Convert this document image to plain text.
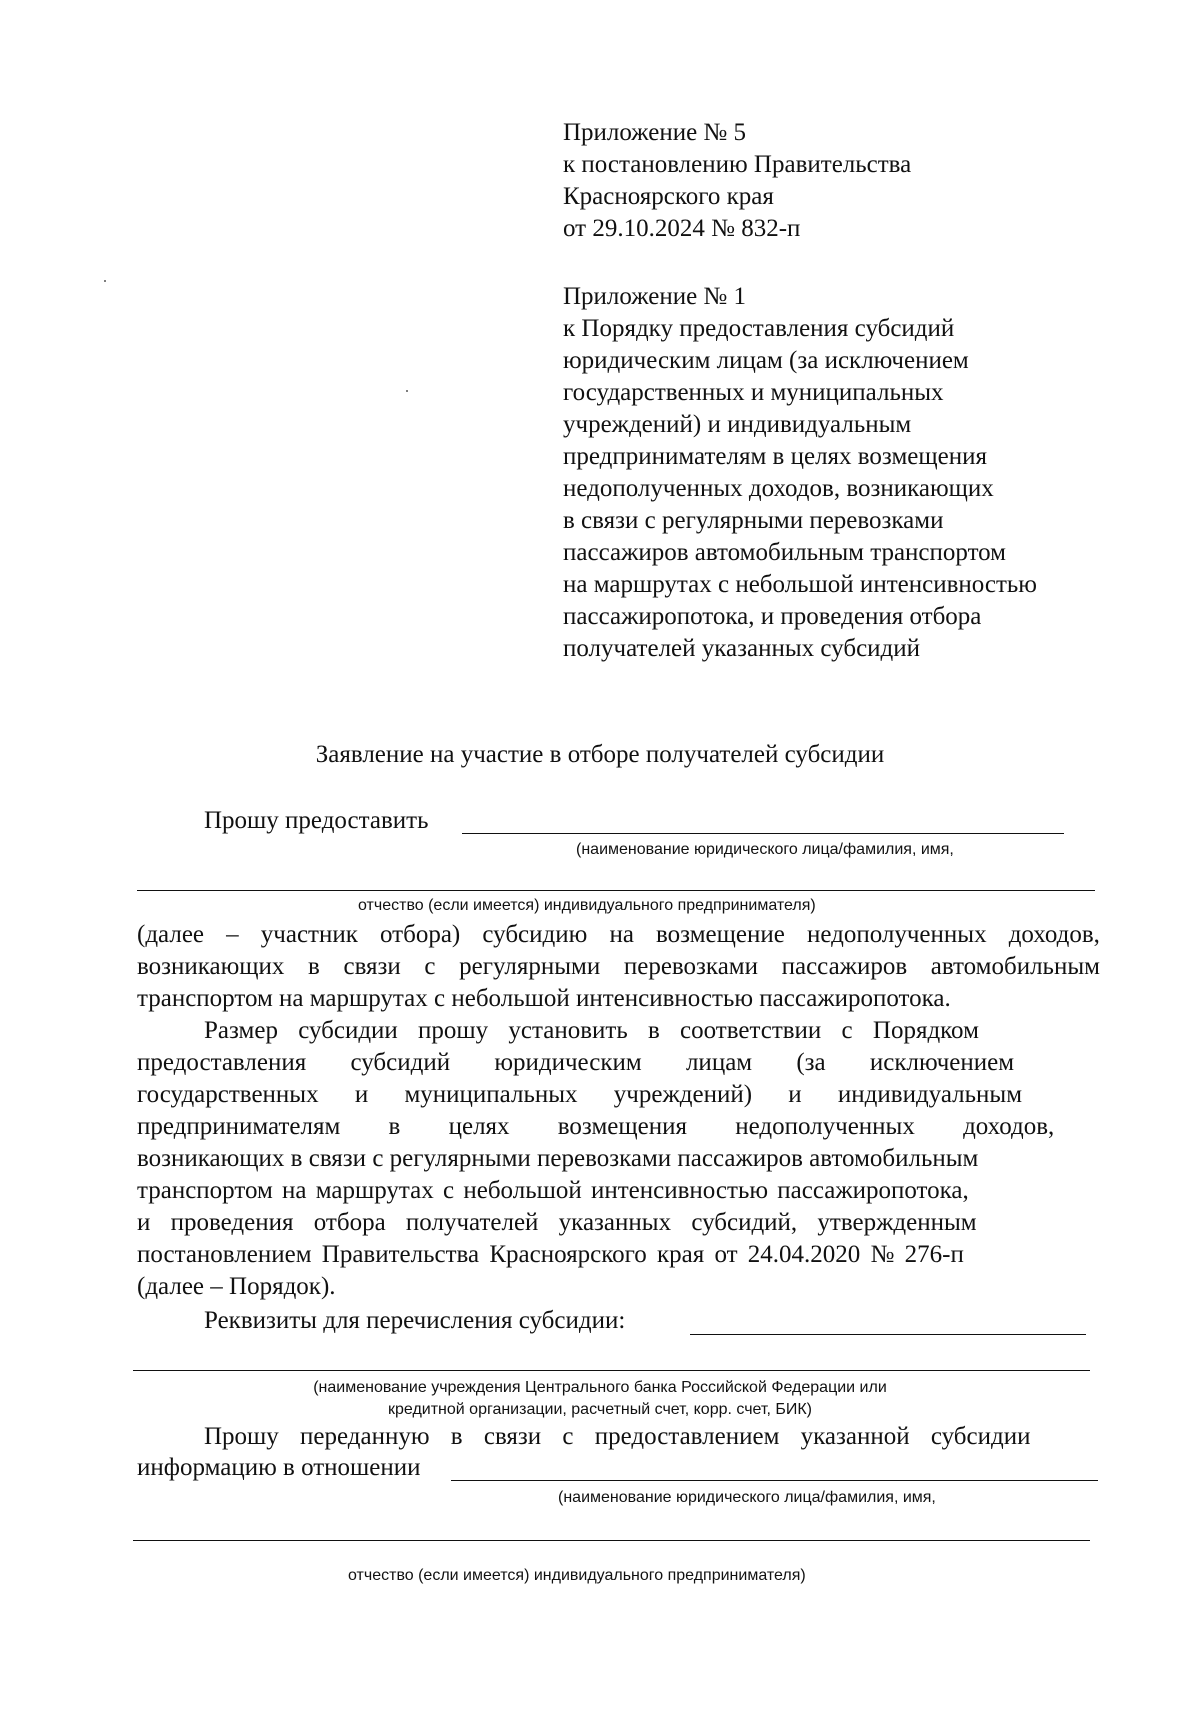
Приложение № 5
к постановлению Правительства
Красноярского края
от 29.10.2024 № 832-п
Приложение № 1
к Порядку предоставления субсидий
юридическим лицам (за исключением
государственных и муниципальных
учреждений) и индивидуальным
предпринимателям в целях возмещения
недополученных доходов, возникающих
в связи с регулярными перевозками
пассажиров автомобильным транспортом
на маршрутах с небольшой интенсивностью
пассажиропотока, и проведения отбора
получателей указанных субсидий
Заявление на участие в отборе получателей субсидии
Прошу предоставить
(наименование юридического лица/фамилия, имя,
отчество (если имеется) индивидуального предпринимателя)
(далее – участник отбора) субсидию на возмещение недополученных доходов,
возникающих в связи с регулярными перевозками пассажиров автомобильным
транспортом на маршрутах с небольшой интенсивностью пассажиропотока.
Размер субсидии прошу установить в соответствии с Порядком
предоставления субсидий юридическим лицам (за исключением
государственных и муниципальных учреждений) и индивидуальным
предпринимателям в целях возмещения недополученных доходов,
возникающих в связи с регулярными перевозками пассажиров автомобильным
транспортом на маршрутах с небольшой интенсивностью пассажиропотока,
и проведения отбора получателей указанных субсидий, утвержденным
постановлением Правительства Красноярского края от 24.04.2020 № 276-п
(далее – Порядок).
Реквизиты для перечисления субсидии:
(наименование учреждения Центрального банка Российской Федерации или
кредитной организации, расчетный счет, корр. счет, БИК)
Прошу переданную в связи с предоставлением указанной субсидии
информацию в отношении
(наименование юридического лица/фамилия, имя,
отчество (если имеется) индивидуального предпринимателя)
